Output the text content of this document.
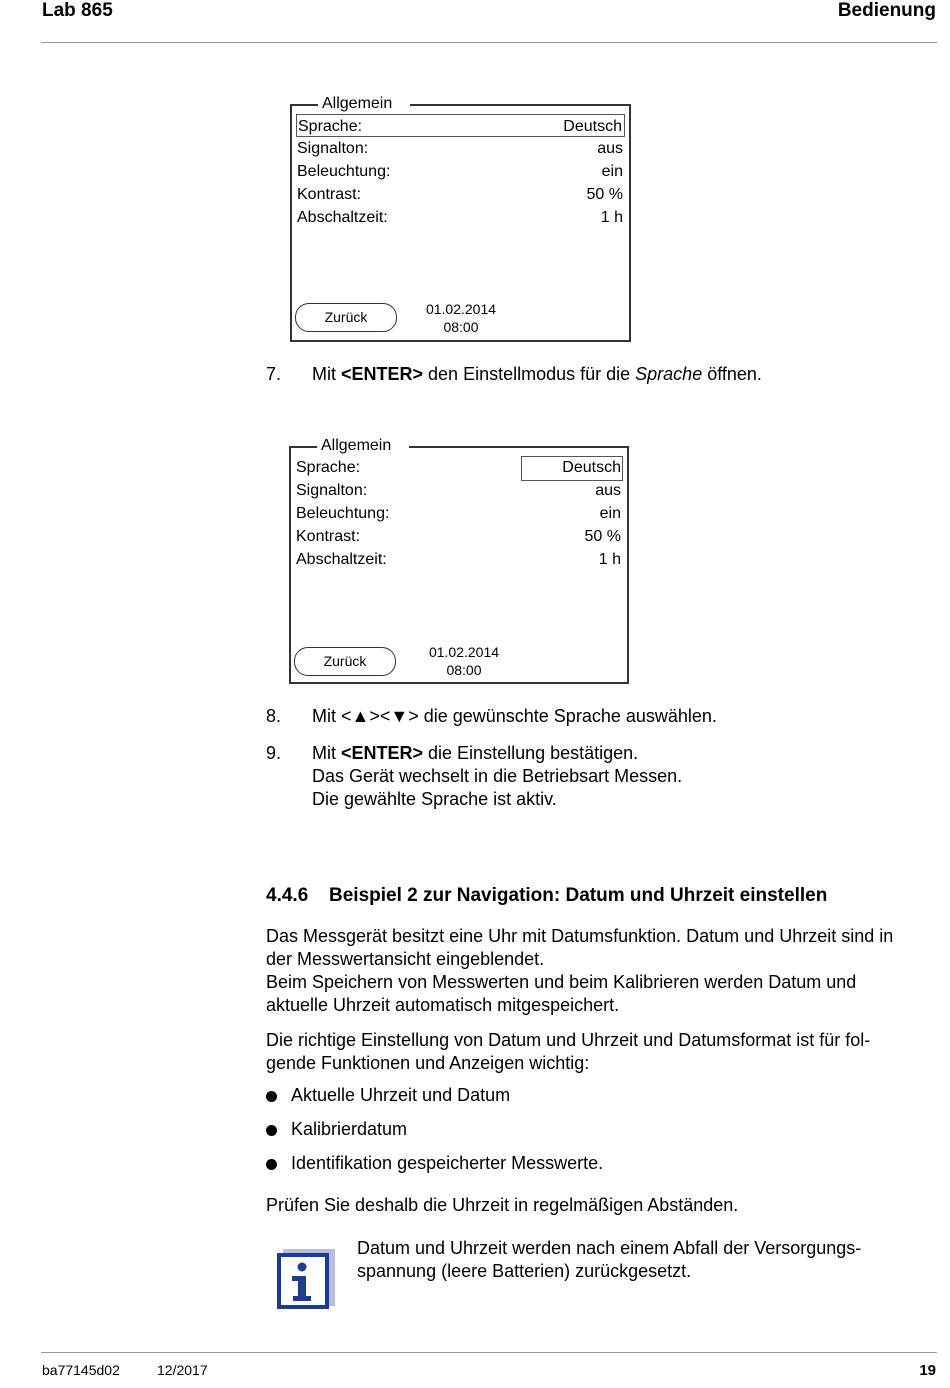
Lab 865	Bedienung
Allgemein
Sprache:	Deutsch
Signalton:	aus
Beleuchtung:	ein
Kontrast:	50 %
Abschaltzeit:	1 h
Zurück	01.02.2014
08:00
7. Mit <ENTER> den Einstellmodus für die Sprache öffnen.
Allgemein
Sprache:	Deutsch
Signalton:	aus
Beleuchtung:	ein
Kontrast:	50 %
Abschaltzeit:	1 h
Zurück
01.02.2014
08:00
8. Mit <▲><▼> die gewünschte Sprache auswählen.
9. Mit <ENTER> die Einstellung bestätigen.
Das Gerät wechselt in die Betriebsart Messen.
Die gewählte Sprache ist aktiv.
4.4.6 Beispiel 2 zur Navigation: Datum und Uhrzeit einstellen
Das Messgerät besitzt eine Uhr mit Datumsfunktion. Datum und Uhrzeit sind in
der Messwertansicht eingeblendet.
Beim Speichern von Messwerten und beim Kalibrieren werden Datum und
aktuelle Uhrzeit automatisch mitgespeichert.
Die richtige Einstellung von Datum und Uhrzeit und Datumsformat ist für fol-
gende Funktionen und Anzeigen wichtig:
Aktuelle Uhrzeit und Datum
Kalibrierdatum
Identifikation gespeicherter Messwerte.
Prüfen Sie deshalb die Uhrzeit in regelmäßigen Abständen.
Datum und Uhrzeit werden nach einem Abfall der Versorgungs-
spannung (leere Batterien) zurückgesetzt.
ba77145d02	12/2017	19
